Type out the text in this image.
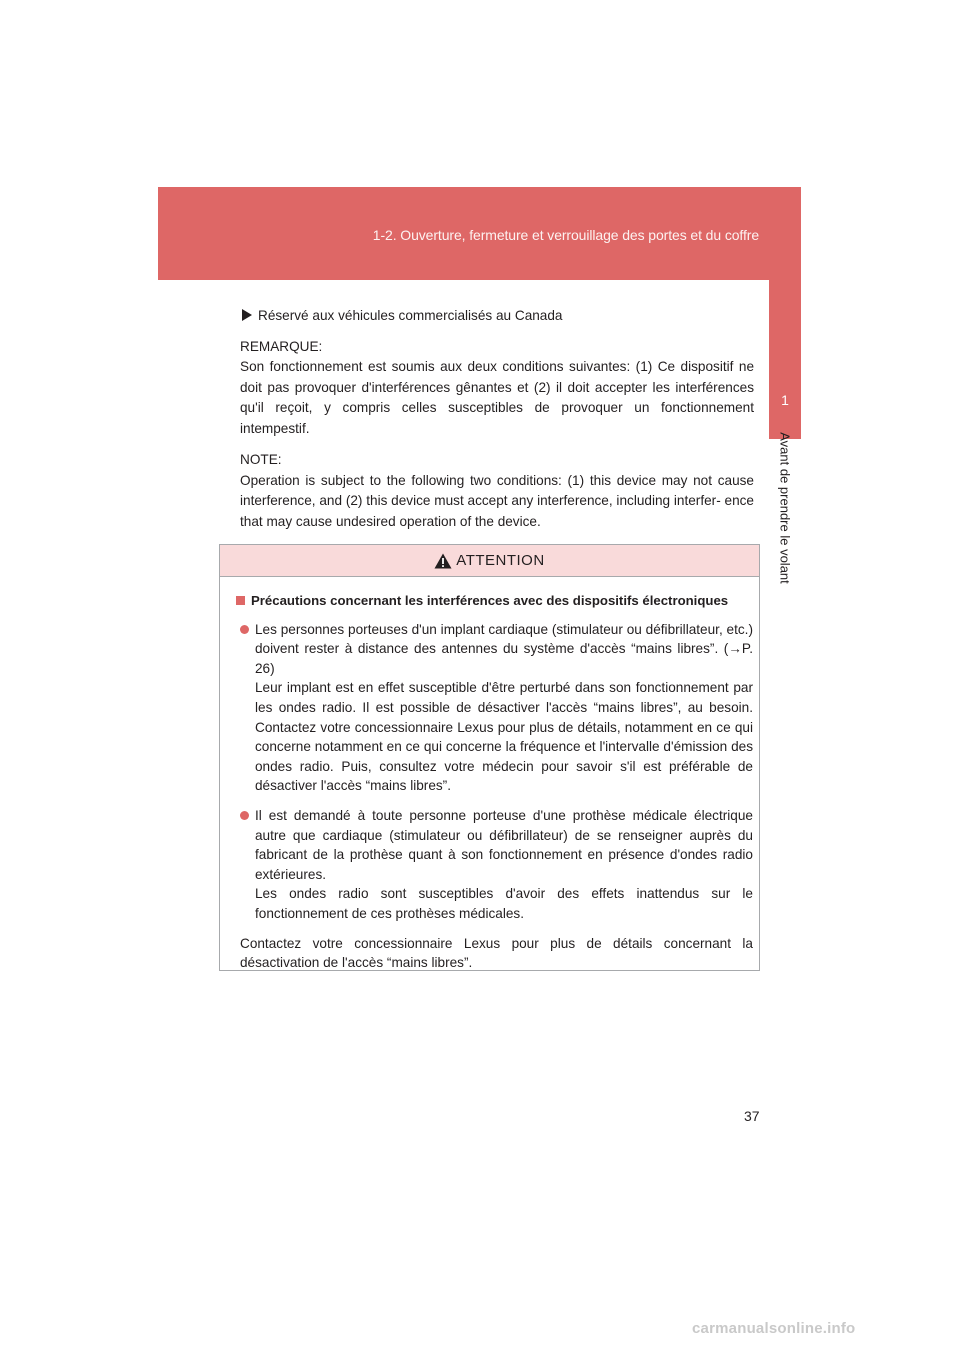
1-2. Ouverture, fermeture et verrouillage des portes et du coffre
1
Avant de prendre le volant
Réservé aux véhicules commercialisés au Canada

REMARQUE:
Son fonctionnement est soumis aux deux conditions suivantes: (1) Ce dispositif ne doit pas provoquer d'interférences gênantes et (2) il doit accepter les interférences qu'il reçoit, y compris celles susceptibles de provoquer un fonctionnement intempestif.

NOTE:
Operation is subject to the following two conditions: (1) this device may not cause interference, and (2) this device must accept any interference, including interfer- ence that may cause undesired operation of the device.

ATTENTION
Précautions concernant les interférences avec des dispositifs électroniques
Les personnes porteuses d'un implant cardiaque (stimulateur ou défibrillateur, etc.) doivent rester à distance des antennes du système d'accès “mains libres”. (→P. 26)
Leur implant est en effet susceptible d'être perturbé dans son fonctionnement par les ondes radio. Il est possible de désactiver l'accès “mains libres”, au besoin. Contactez votre concessionnaire Lexus pour plus de détails, notamment en ce qui concerne notamment en ce qui concerne la fréquence et l'intervalle d'émission des ondes radio. Puis, consultez votre médecin pour savoir s'il est préférable de désactiver l'accès “mains libres”.
Il est demandé à toute personne porteuse d'une prothèse médicale électrique autre que cardiaque (stimulateur ou défibrillateur) de se renseigner auprès du fabricant de la prothèse quant à son fonctionnement en présence d'ondes radio extérieures.
Les ondes radio sont susceptibles d'avoir des effets inattendus sur le fonctionnement de ces prothèses médicales.
Contactez votre concessionnaire Lexus pour plus de détails concernant la désactivation de l'accès “mains libres”.
37
carmanualsonline.info
